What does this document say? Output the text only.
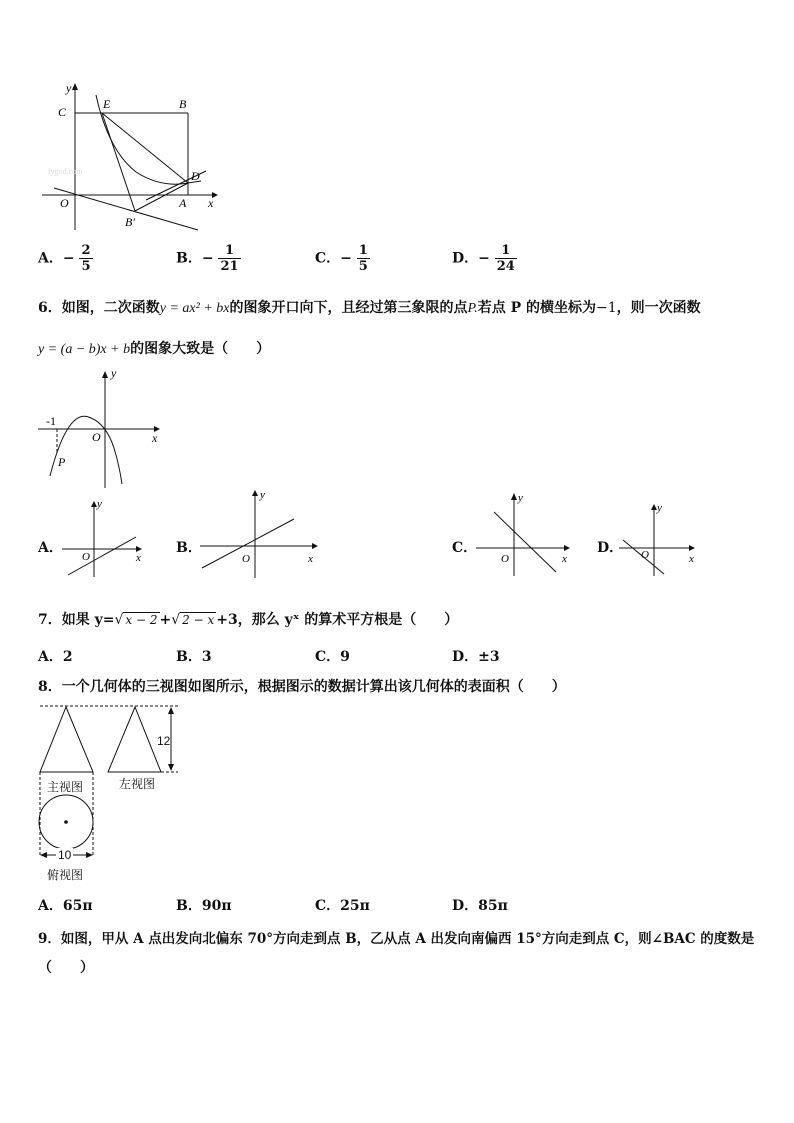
y
C
E	B
D
O	A x
B′
fygod.com
A．− $\frac{2}{5}$	B．− $\frac{1}{21}$	C．− $\frac{1}{5}$	D．− $\frac{1}{24}$
6．如图，二次函数y = ax² + bx的图象开口向下，且经过第三象限的点P.若点 P 的横坐标为−1，则一次函数
y = (a − b)x + b的图象大致是（　　）
y
x
O
-1
P
A．
y
x
O
B．
y
x
O
C．
y
x
O
D．
y
x
O
7．如果 y=√ x − 2 +√ 2 − x +3，那么 yˣ 的算术平方根是（　　）
A．2	B．3	C．9	D．±3
8．一个几何体的三视图如图所示，根据图示的数据计算出该几何体的表面积（　　）
主视图	左视图
12
10
俯视图
A．65π	B．90π	C．25π	D．85π
9．如图，甲从 A 点出发向北偏东 70°方向走到点 B，乙从点 A 出发向南偏西 15°方向走到点 C，则∠BAC 的度数是
（　　）
